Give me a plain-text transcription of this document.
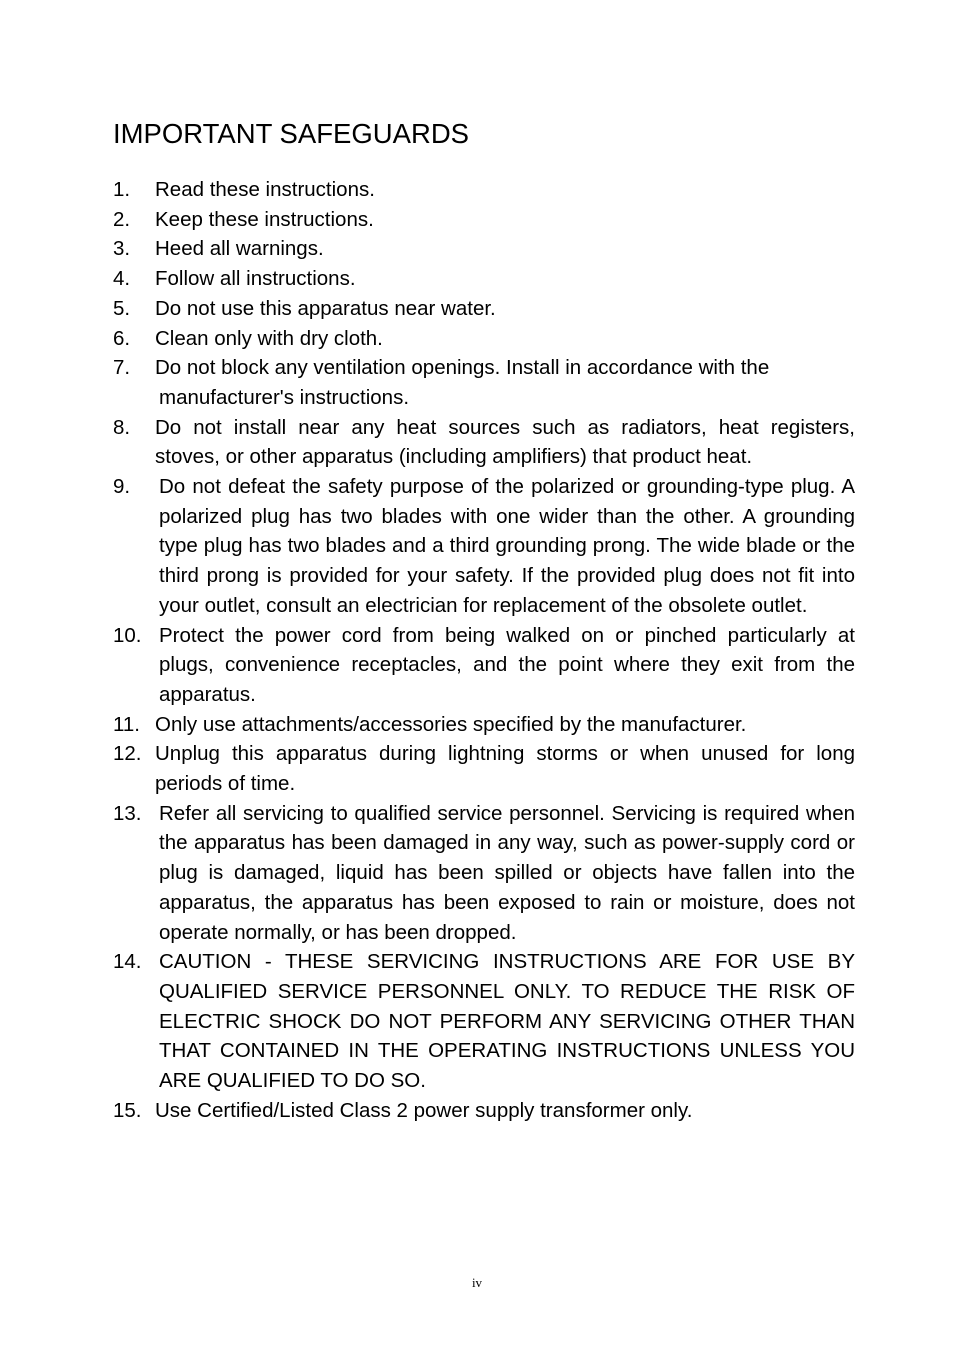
IMPORTANT SAFEGUARDS
1. Read these instructions.
2. Keep these instructions.
3. Heed all warnings.
4. Follow all instructions.
5. Do not use this apparatus near water.
6. Clean only with dry cloth.
7. Do not block any ventilation openings. Install in accordance with the manufacturer's instructions.
8. Do not install near any heat sources such as radiators, heat registers, stoves, or other apparatus (including amplifiers) that product heat.
9. Do not defeat the safety purpose of the polarized or grounding-type plug. A polarized plug has two blades with one wider than the other. A grounding type plug has two blades and a third grounding prong. The wide blade or the third prong is provided for your safety. If the provided plug does not fit into your outlet, consult an electrician for replacement of the obsolete outlet.
10. Protect the power cord from being walked on or pinched particularly at plugs, convenience receptacles, and the point where they exit from the apparatus.
11. Only use attachments/accessories specified by the manufacturer.
12. Unplug this apparatus during lightning storms or when unused for long periods of time.
13. Refer all servicing to qualified service personnel. Servicing is required when the apparatus has been damaged in any way, such as power-supply cord or plug is damaged, liquid has been spilled or objects have fallen into the apparatus, the apparatus has been exposed to rain or moisture, does not operate normally, or has been dropped.
14. CAUTION - THESE SERVICING INSTRUCTIONS ARE FOR USE BY QUALIFIED SERVICE PERSONNEL ONLY. TO REDUCE THE RISK OF ELECTRIC SHOCK DO NOT PERFORM ANY SERVICING OTHER THAN THAT CONTAINED IN THE OPERATING INSTRUCTIONS UNLESS YOU ARE QUALIFIED TO DO SO.
15. Use Certified/Listed Class 2 power supply transformer only.
iv
